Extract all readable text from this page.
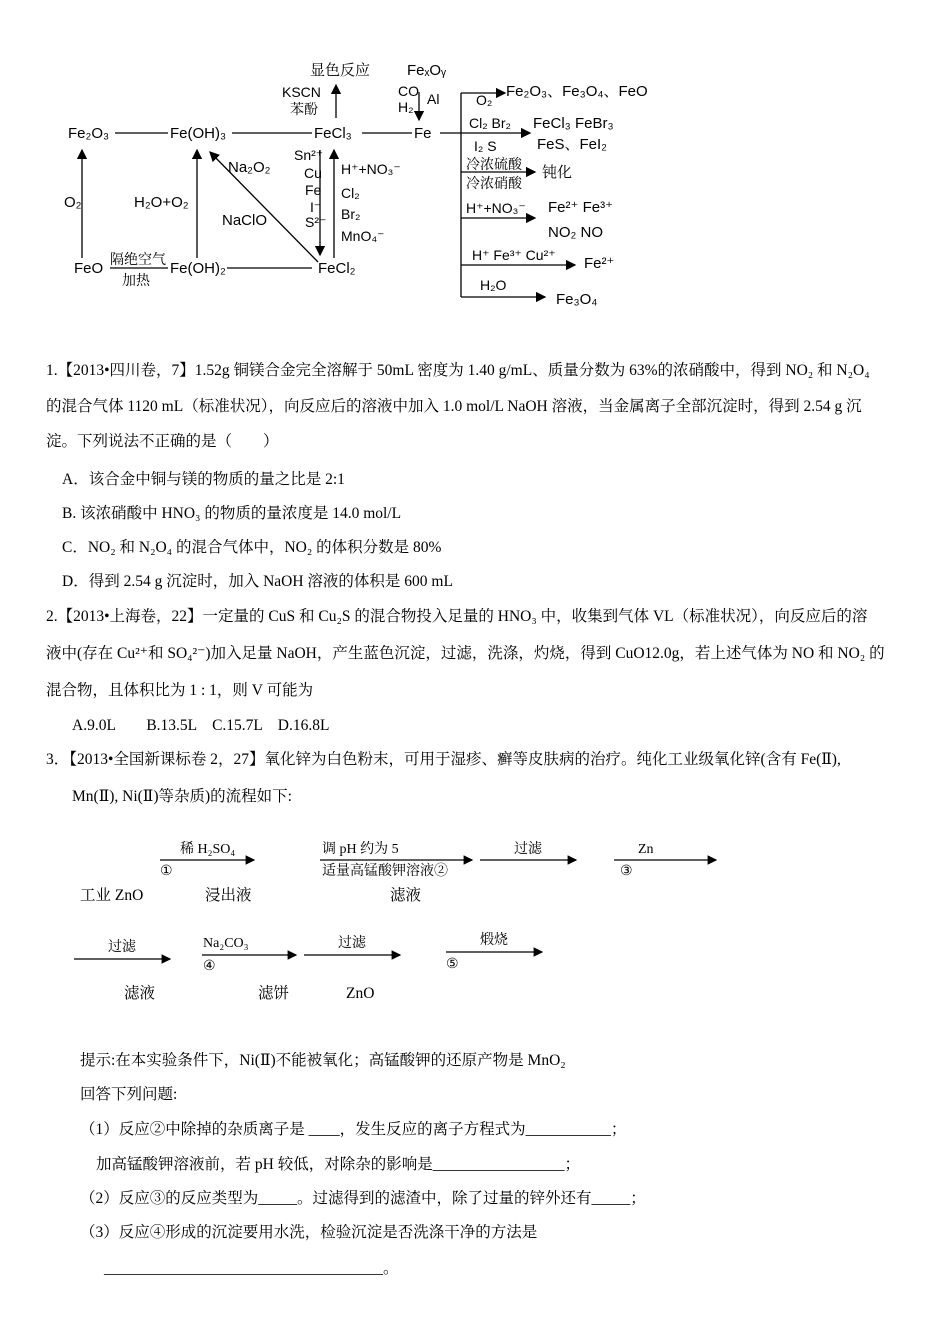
Fe₂O₃	Fe(OH)₃	FeCl₃	Fe
FeO	Fe(OH)₂	FeCl₂
显色反应
KSCN
苯酚
FeₓOᵧ
CO
H₂ Al
O₂	H₂O+O₂
Na₂O₂
NaClO
隔绝空气
加热
Sn²⁺
Cu
Fe
I⁻
S²⁻
H⁺+NO₃⁻
Cl₂
Br₂
MnO₄⁻
O₂ Fe₂O₃、Fe₃O₄、FeO
Cl₂ Br₂ FeCl₃ FeBr₃
I₂ S	FeS、FeI₂
冷浓硫酸
冷浓硝酸
钝化
H⁺+NO₃⁻ Fe²⁺ Fe³⁺
NO₂ NO
H⁺ Fe³⁺ Cu²⁺ Fe²⁺
H₂O
Fe₃O₄
1.【2013•四川卷，7】1.52g 铜镁合金完全溶解于 50mL 密度为 1.40 g/mL、质量分数为 63%的浓硝酸中，得到 NO₂ 和 N₂O₄
的混合气体 1120 mL（标准状况），向反应后的溶液中加入 1.0 mol/L NaOH 溶液，当金属离子全部沉淀时，得到 2.54 g 沉
淀。下列说法不正确的是（　　）
A．该合金中铜与镁的物质的量之比是 2:1
B. 该浓硝酸中 HNO₃ 的物质的量浓度是 14.0 mol/L
C．NO₂ 和 N₂O₄ 的混合气体中，NO₂ 的体积分数是 80%
D．得到 2.54 g 沉淀时，加入 NaOH 溶液的体积是 600 mL
2.【2013•上海卷，22】一定量的 CuS 和 Cu₂S 的混合物投入足量的 HNO₃ 中，收集到气体 VL（标准状况），向反应后的溶
液中(存在 Cu²⁺和 SO₄²⁻)加入足量 NaOH，产生蓝色沉淀，过滤，洗涤，灼烧，得到 CuO12.0g，若上述气体为 NO 和 NO₂ 的
混合物，且体积比为 1 : 1，则 V 可能为
A.9.0L　　B.13.5L　C.15.7L　D.16.8L
3．【2013•全国新课标卷 2，27】氧化锌为白色粉末，可用于湿疹、癣等皮肤病的治疗。纯化工业级氧化锌(含有 Fe(Ⅱ),
Mn(Ⅱ), Ni(Ⅱ)等杂质)的流程如下:
稀 H₂SO₄
①
调 pH 约为 5
适量高锰酸钾溶液②
过滤	Zn
③
工业 ZnO	浸出液	滤液
过滤	Na₂CO₃
④
过滤	煅烧
⑤
滤液	滤饼	ZnO
提示:在本实验条件下，Ni(Ⅱ)不能被氧化；高锰酸钾的还原产物是 MnO₂
回答下列问题:
（1）反应②中除掉的杂质离子是 ____，发生反应的离子方程式为___________；
加高锰酸钾溶液前，若 pH 较低，对除杂的影响是_________________；
（2）反应③的反应类型为_____。过滤得到的滤渣中，除了过量的锌外还有_____；
（3）反应④形成的沉淀要用水洗，检验沉淀是否洗涤干净的方法是
____________________________________。
